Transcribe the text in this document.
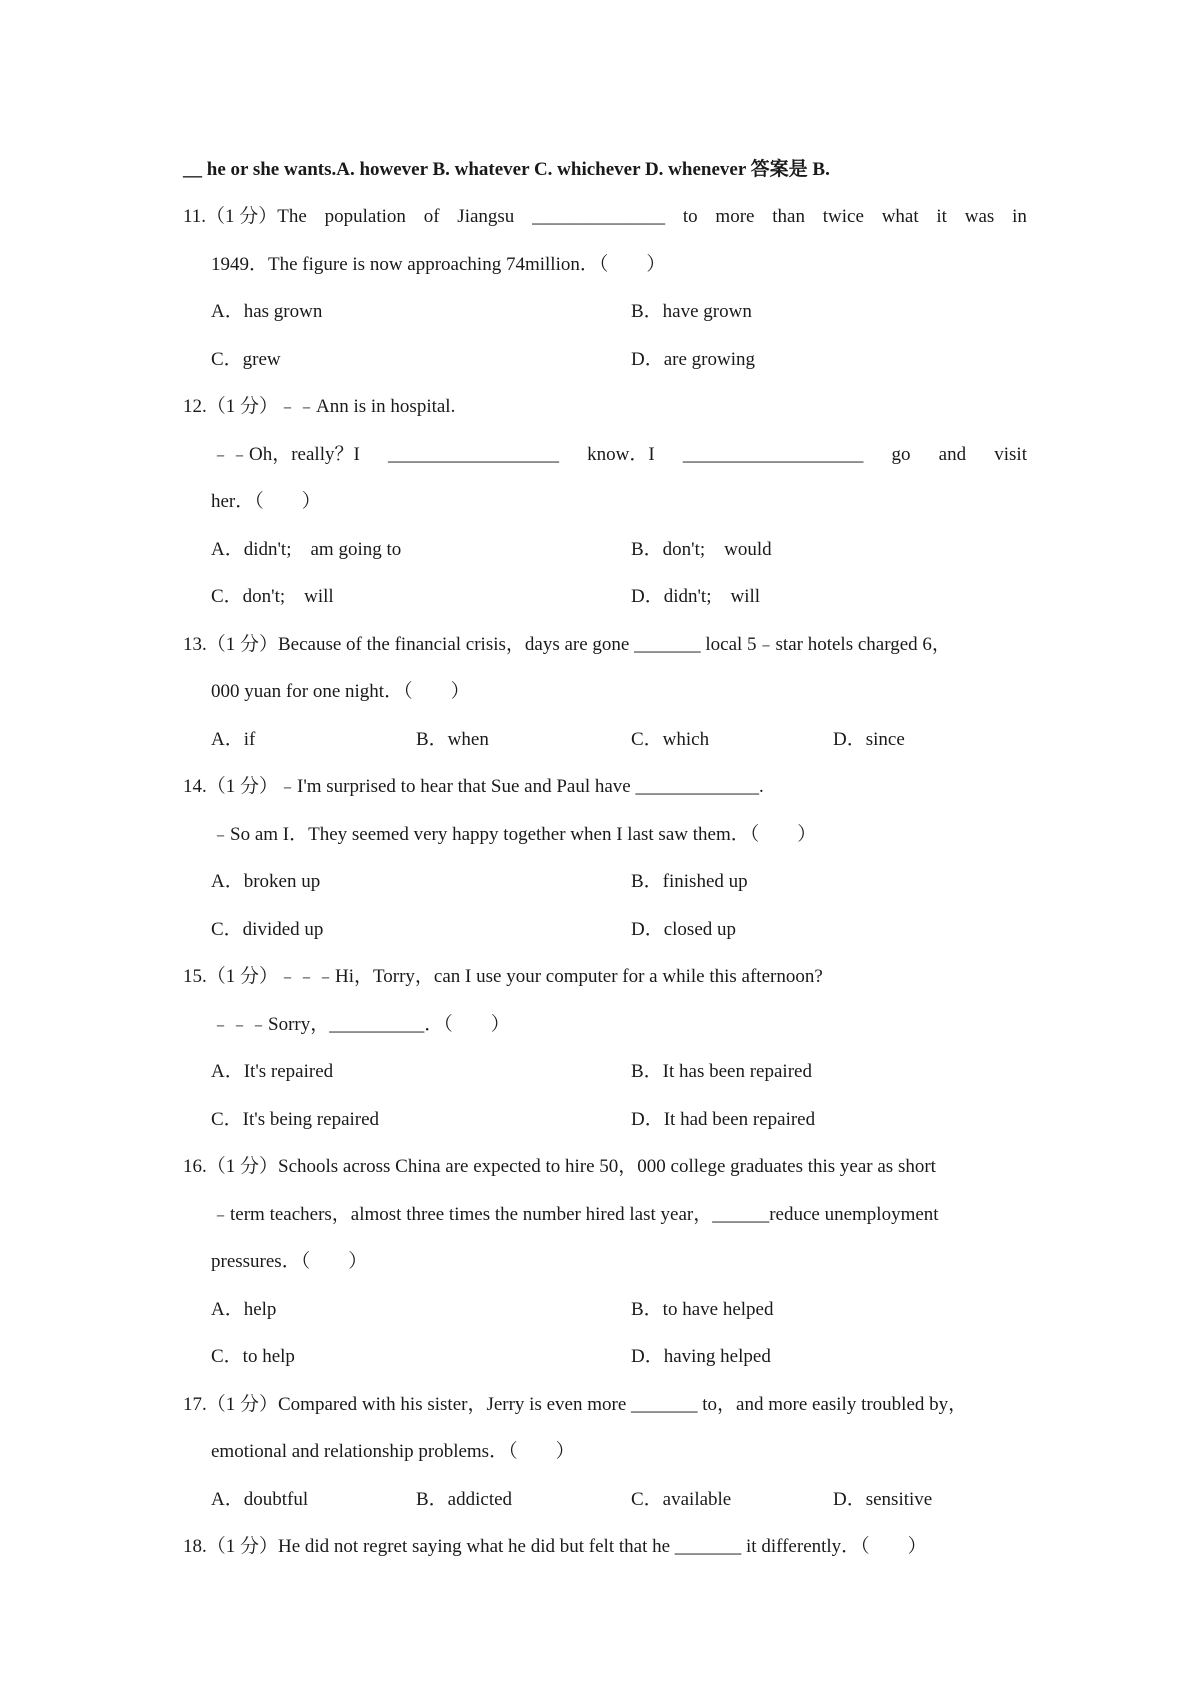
__ he or she wants.A. however B. whatever C. whichever D. whenever 答案是 B.
11.（1 分）The population of Jiangsu ______________ to more than twice what it was in
1949．The figure is now approaching 74million．（　　）
A．has grown	B．have grown
C．grew	D．are growing
12.（1 分）﹣﹣Ann is in hospital.
﹣﹣Oh，really？I __________________ know．I ___________________ go and visit
her．（　　）
A．didn't;　am going to	B．don't;　would
C．don't;　will	D．didn't;　will
13.（1 分）Because of the financial crisis，days are gone _______ local 5﹣star hotels charged 6，
000 yuan for one night．（　　）
A．if	B．when	C．which	D．since
14.（1 分）﹣I'm surprised to hear that Sue and Paul have _____________.
﹣So am I．They seemed very happy together when I last saw them．（　　）
A．broken up	B．finished up
C．divided up	D．closed up
15.（1 分）﹣﹣﹣Hi，Torry，can I use your computer for a while this afternoon?
﹣﹣﹣Sorry，__________．（　　）
A．It's repaired	B．It has been repaired
C．It's being repaired	D．It had been repaired
16.（1 分）Schools across China are expected to hire 50，000 college graduates this year as short
﹣term teachers，almost three times the number hired last year，______reduce unemployment
pressures．（　　）
A．help	B．to have helped
C．to help	D．having helped
17.（1 分）Compared with his sister，Jerry is even more _______ to，and more easily troubled by，
emotional and relationship problems．（　　）
A．doubtful	B．addicted	C．available	D．sensitive
18.（1 分）He did not regret saying what he did but felt that he _______ it differently．（　　）
